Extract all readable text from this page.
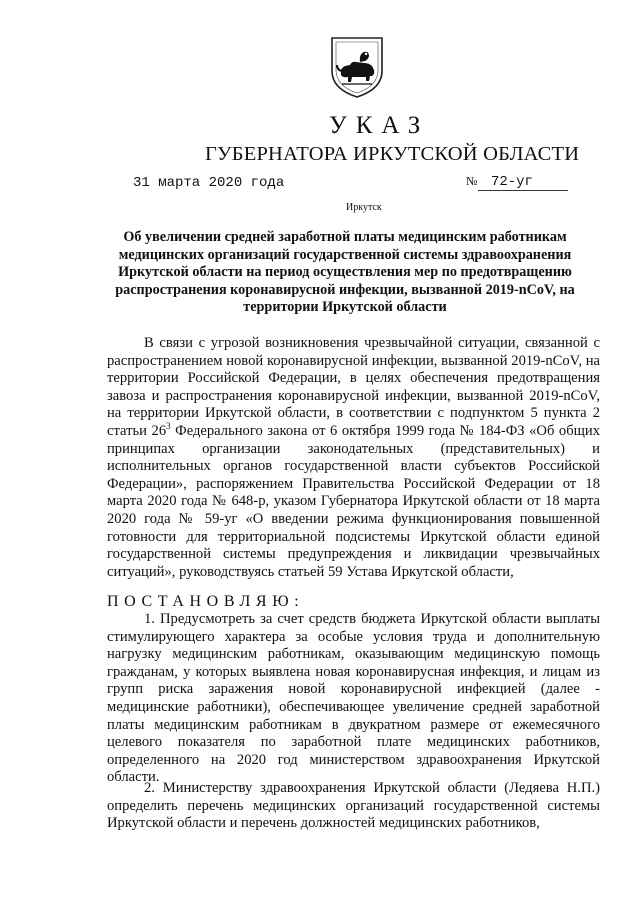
УКАЗ
ГУБЕРНАТОРА ИРКУТСКОЙ ОБЛАСТИ
31 марта 2020 года	№ 72-уг
Иркутск
Об увеличении средней заработной платы медицинским работникам медицинских организаций государственной системы здравоохранения Иркутской области на период осуществления мер по предотвращению распространения коронавирусной инфекции, вызванной 2019-nCoV, на территории Иркутской области

В связи с угрозой возникновения чрезвычайной ситуации, связанной с распространением новой коронавирусной инфекции, вызванной 2019-nCoV, на территории Российской Федерации, в целях обеспечения предотвращения завоза и распространения коронавирусной инфекции, вызванной 2019-nCoV, на территории Иркутской области, в соответствии с подпунктом 5 пункта 2 статьи $26^3$ Федерального закона от 6 октября 1999 года № 184-ФЗ «Об общих принципах организации законодательных (представительных) и исполнительных органов государственной власти субъектов Российской Федерации», распоряжением Правительства Российской Федерации от 18 марта 2020 года № 648-р, указом Губернатора Иркутской области от 18 марта 2020 года № 59-уг «О введении режима функционирования повышенной готовности для территориальной подсистемы Иркутской области единой государственной системы предупреждения и ликвидации чрезвычайных ситуаций», руководствуясь статьей 59 Устава Иркутской области,

ПОСТАНОВЛЯЮ:

1. Предусмотреть за счет средств бюджета Иркутской области выплаты стимулирующего характера за особые условия труда и дополнительную нагрузку медицинским работникам, оказывающим медицинскую помощь гражданам, у которых выявлена новая коронавирусная инфекция, и лицам из групп риска заражения новой коронавирусной инфекцией (далее - медицинские работники), обеспечивающее увеличение средней заработной платы медицинским работникам в двукратном размере от ежемесячного целевого показателя по заработной плате медицинских работников, определенного на 2020 год министерством здравоохранения Иркутской области.

2. Министерству здравоохранения Иркутской области (Ледяева Н.П.) определить перечень медицинских организаций государственной системы Иркутской области и перечень должностей медицинских работников,
